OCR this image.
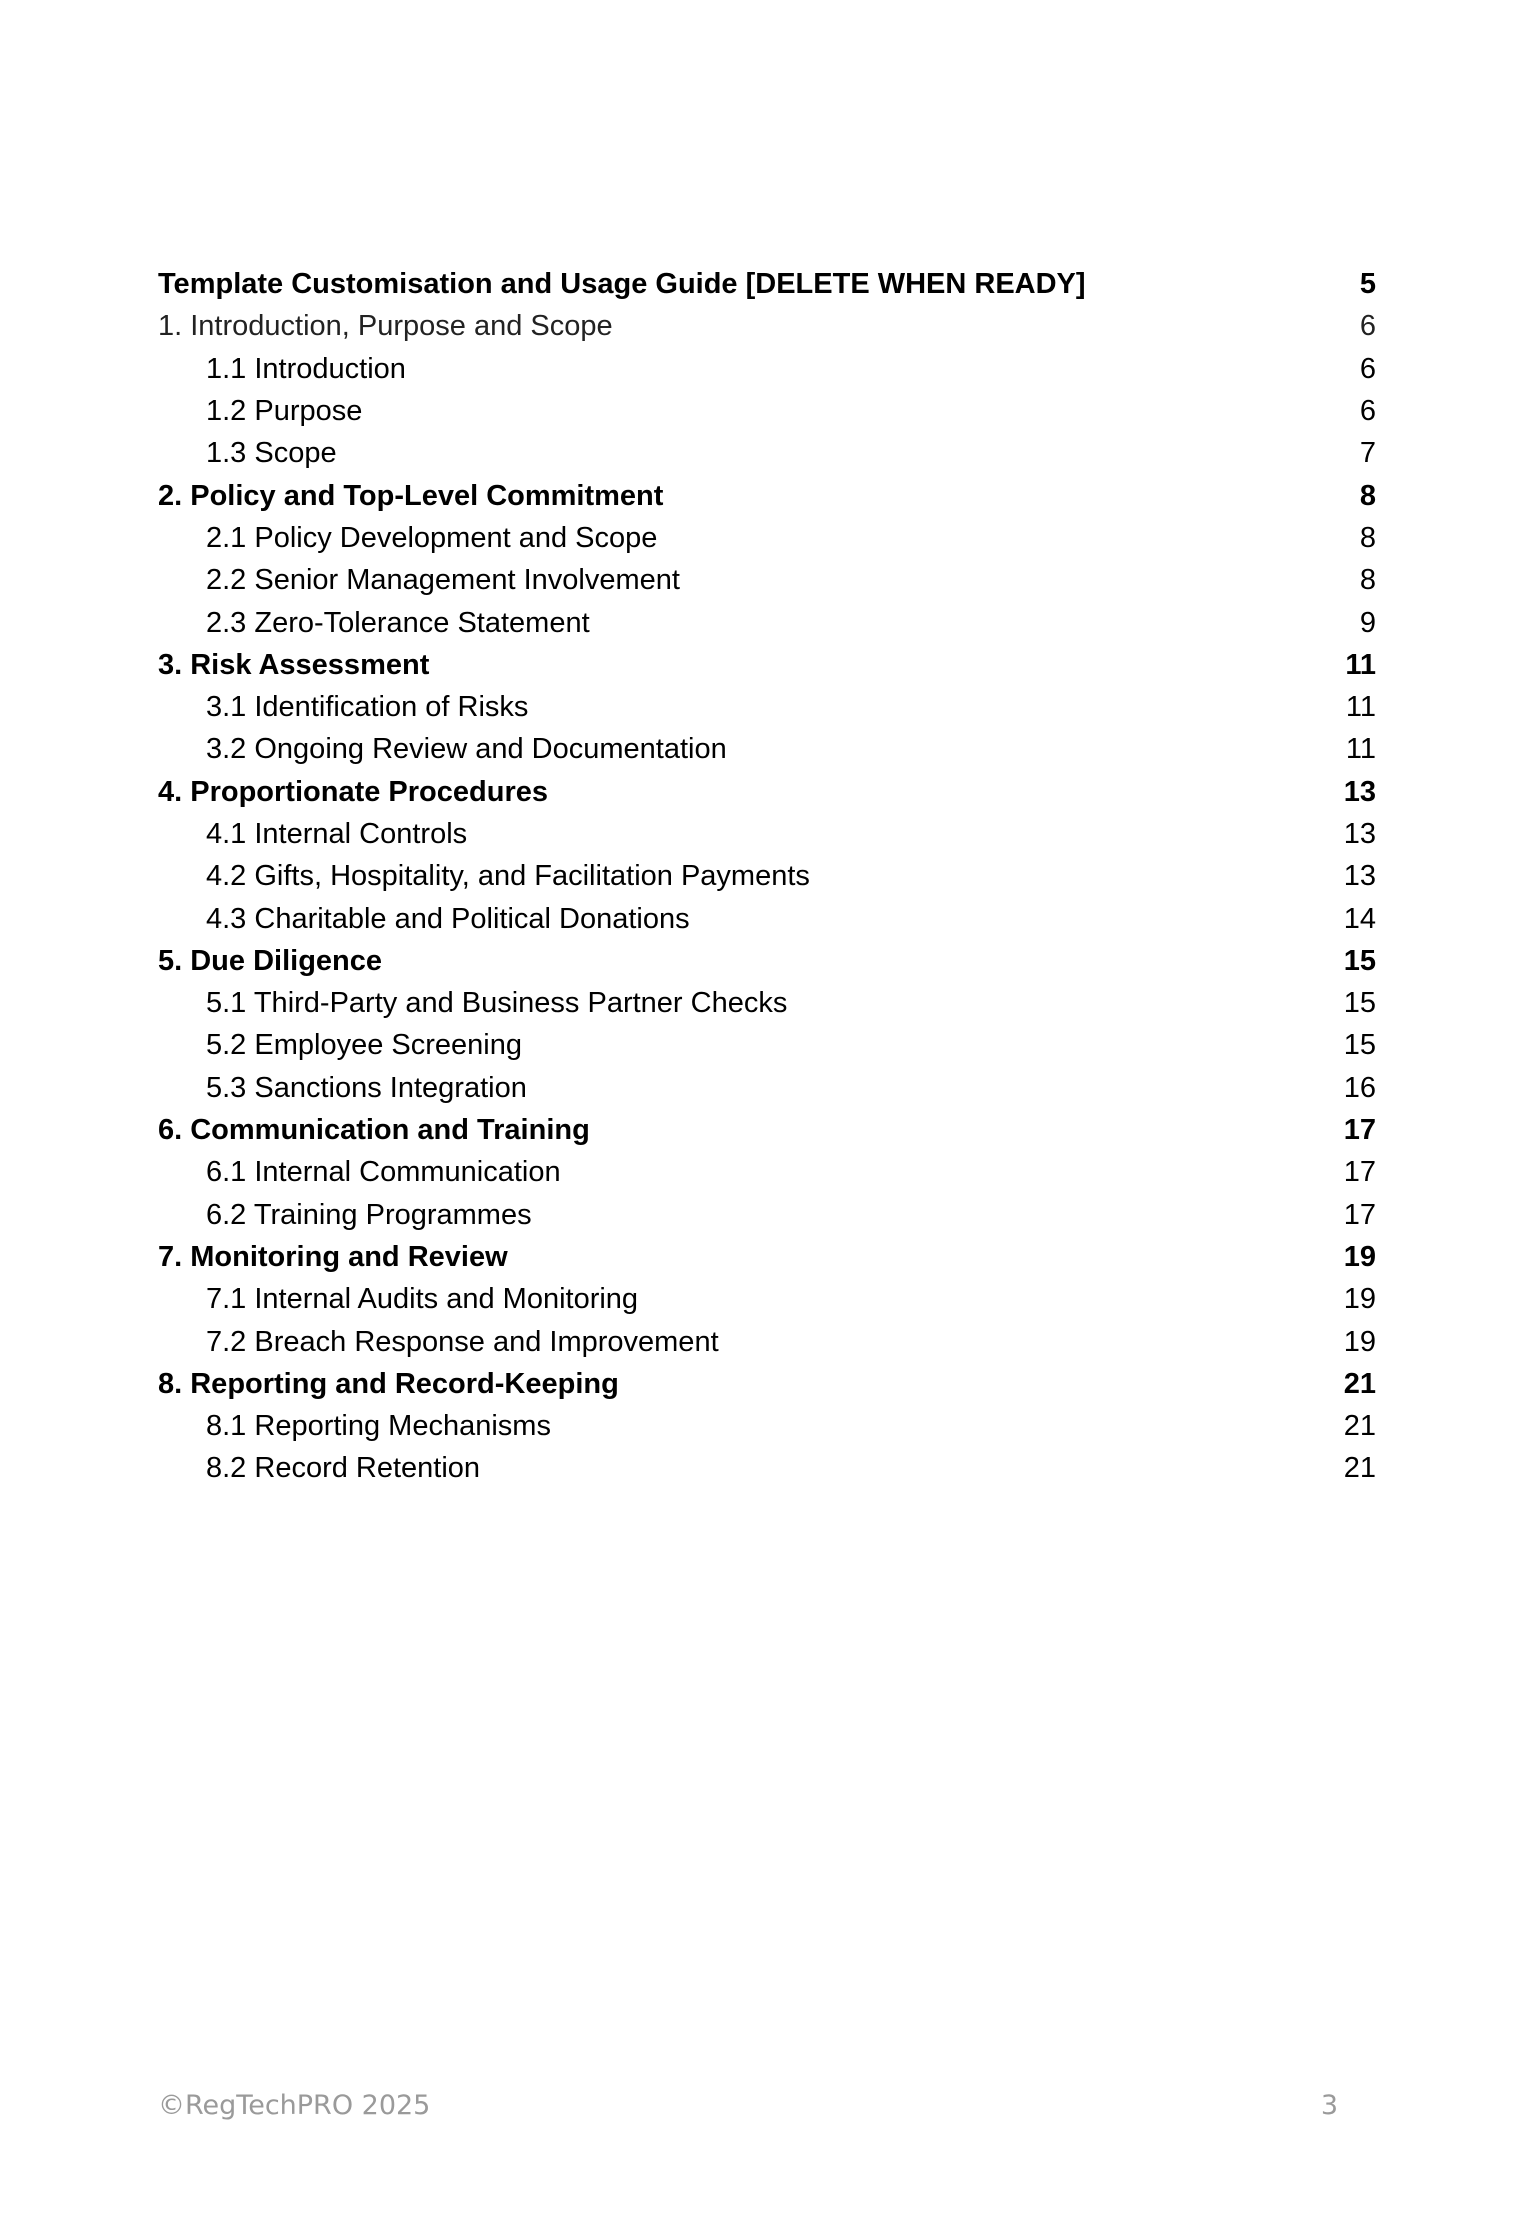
Template Customisation and Usage Guide [DELETE WHEN READY]	5
1. Introduction, Purpose and Scope	6
1.1 Introduction	6
1.2 Purpose	6
1.3 Scope	7
2. Policy and Top-Level Commitment	8
2.1 Policy Development and Scope	8
2.2 Senior Management Involvement	8
2.3 Zero-Tolerance Statement	9
3. Risk Assessment	11
3.1 Identification of Risks	11
3.2 Ongoing Review and Documentation	11
4. Proportionate Procedures	13
4.1 Internal Controls	13
4.2 Gifts, Hospitality, and Facilitation Payments	13
4.3 Charitable and Political Donations	14
5. Due Diligence	15
5.1 Third-Party and Business Partner Checks	15
5.2 Employee Screening	15
5.3 Sanctions Integration	16
6. Communication and Training	17
6.1 Internal Communication	17
6.2 Training Programmes	17
7. Monitoring and Review	19
7.1 Internal Audits and Monitoring	19
7.2 Breach Response and Improvement	19
8. Reporting and Record-Keeping	21
8.1 Reporting Mechanisms	21
8.2 Record Retention	21
©RegTechPRO 2025	3
